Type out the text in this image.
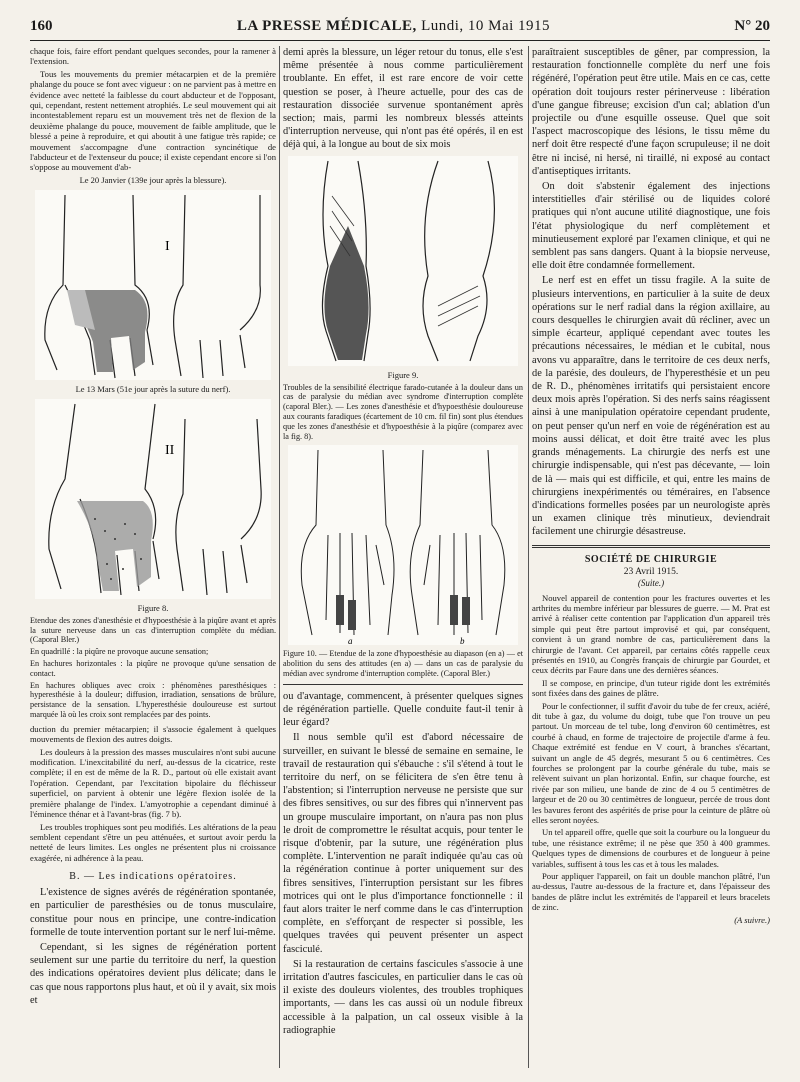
160	LA PRESSE MÉDICALE, Lundi, 10 Mai 1915	N° 20

chaque fois, faire effort pendant quelques secondes, pour la ramener à l'extension.

Tous les mouvements du premier métacarpien et de la première phalange du pouce se font avec vigueur : on ne parvient pas à mettre en évidence avec netteté la faiblesse du court abducteur et de l'opposant, qui, cependant, restent nettement atrophiés. Le seul mouvement qui ait incontestablement reparu est un mouvement très net de flexion de la deuxième phalange du pouce, mouvement de faible amplitude, que le blessé a peine à reproduire, et qui aboutit à une fatigue très rapide; ce mouvement s'accompagne d'une contraction syncinétique de l'abducteur et de l'extenseur du pouce; il existe cependant encore si l'on s'oppose au mouvement d'ab-

Le 20 Janvier (139e jour après la blessure).
I
Le 13 Mars (51e jour après la suture du nerf).
II
Figure 8.

Etendue des zones d'anesthésie et d'hypoesthésie à la piqûre avant et après la suture nerveuse dans un cas d'interruption complète du médian. (Caporal Bler.)

En quadrillé : la piqûre ne provoque aucune sensation;

En hachures horizontales : la piqûre ne provoque qu'une sensation de contact.

En hachures obliques avec croix : phénomènes paresthésiques : hyperesthésie à la douleur; diffusion, irradiation, sensations de brûlure, persistance de la sensation. L'hyperesthésie douloureuse est surtout marquée là où les croix sont remplacées par des points.

duction du premier métacarpien; il s'associe également à quelques mouvements de flexion des autres doigts.

Les douleurs à la pression des masses musculaires n'ont subi aucune modification. L'inexcitabilité du nerf, au-dessus de la cicatrice, reste complète; il en est de même de la R. D., partout où elle existait avant l'opération. Cependant, par l'excitation bipolaire du fléchisseur superficiel, on parvient à obtenir une légère flexion isolée de la première phalange de l'index. L'amyotrophie a cependant diminué à l'éminence thénar et à l'avant-bras (fig. 7 b).

Les troubles trophiques sont peu modifiés. Les altérations de la peau semblent cependant s'être un peu atténuées, et surtout avoir perdu la netteté de leurs limites. Les ongles ne présentent plus ni croissance exagérée, ni adhérence à la peau.

B. — Les indications opératoires.

L'existence de signes avérés de régénération spontanée, en particulier de paresthésies ou de tonus musculaire, constitue pour nous en principe, une contre-indication formelle de toute intervention portant sur le nerf lui-même.

Cependant, si les signes de régénération portent seulement sur une partie du territoire du nerf, la question des indications opératoires devient plus délicate; dans le cas que nous rapportons plus haut, et où il y avait, six mois et

demi après la blessure, un léger retour du tonus, elle s'est même présentée à nous comme particulièrement troublante. En effet, il est rare encore de voir cette question se poser, à l'heure actuelle, pour des cas de restauration dissociée survenue spontanément après section; mais, parmi les nombreux blessés atteints d'interruption nerveuse, qui n'ont pas été opérés, il en est déjà qui, à la longue au bout de six mois

Figure 9.
Troubles de la sensibilité électrique farado-cutanée à la douleur dans un cas de paralysie du médian avec syndrome d'interruption complète (caporal Bler.). — Les zones d'anesthésie et d'hypoesthésie douloureuse aux courants faradiques (écartement de 10 cm. fil fin) sont plus étendues que les zones d'anesthésie et d'hypoesthésie à la piqûre (comparez avec la fig. 8).
a	b
Figure 10. — Etendue de la zone d'hypoesthésie au diapason (en a) — et abolition du sens des attitudes (en a) — dans un cas de paralysie du médian avec syndrome d'interruption complète. (Caporal Bler.)

ou d'avantage, commencent, à présenter quelques signes de régénération partielle. Quelle conduite faut-il tenir à leur égard?

Il nous semble qu'il est d'abord nécessaire de surveiller, en suivant le blessé de semaine en semaine, le travail de restauration qui s'ébauche : s'il s'étend à tout le territoire du nerf, on se félicitera de s'en être tenu à l'abstention; si l'interruption nerveuse ne persiste que sur des fibres sensitives, ou sur des fibres qui n'innervent pas un groupe musculaire important, on n'aura pas non plus le droit de compromettre le résultat acquis, pour tenter le risque d'obtenir, par la suture, une régénération plus complète. L'intervention ne paraît indiquée qu'au cas où la régénération continue à porter uniquement sur des fibres sensitives, l'interruption persistant sur les fibres motrices qui ont le plus d'importance fonctionnelle : il faut alors traiter le nerf comme dans le cas d'interruption complète, en s'efforçant de respecter si possible, les quelques travées qui peuvent présenter un aspect fasciculé.

Si la restauration de certains fascicules s'associe à une irritation d'autres fascicules, en particulier dans le cas où il existe des douleurs violentes, des troubles trophiques importants, — dans les cas aussi où un nodule fibreux accessible à la palpation, un cal osseux visible à la radiographie

paraîtraient susceptibles de gêner, par compression, la restauration fonctionnelle complète du nerf une fois régénéré, l'opération peut être utile. Mais en ce cas, cette opération doit toujours rester périnerveuse : libération d'une gangue fibreuse; excision d'un cal; ablation d'un projectile ou d'une esquille osseuse. Quel que soit l'aspect macroscopique des lésions, le tissu même du nerf doit être respecté d'une façon scrupuleuse; il ne doit être ni incisé, ni hersé, ni tiraillé, ni exposé au contact d'antiseptiques irritants.

On doit s'abstenir également des injections interstitielles d'air stérilisé ou de liquides coloré pratiques qui n'ont aucune utilité diagnostique, une fois l'état physiologique du nerf complètement et minutieusement exploré par l'examen clinique, et qui ne semblent pas sans dangers. Quant à la biopsie nerveuse, elle doit être condamnée formellement.

Le nerf est en effet un tissu fragile. A la suite de plusieurs interventions, en particulier à la suite de deux opérations sur le nerf radial dans la région axillaire, au cours desquelles le chirurgien avait dû récliner, avec un simple écarteur, appliqué cependant avec toutes les précautions nécessaires, le médian et le cubital, nous avons vu apparaître, dans le territoire de ces deux nerfs, de la parésie, des douleurs, de l'hyperesthésie et un peu de R. D., phénomènes irritatifs qui persistaient encore deux mois après l'opération. Si des nerfs sains réagissent ainsi à une manipulation opératoire cependant prudente, on peut penser qu'un nerf en voie de régénération est au moins aussi délicat, et doit être traité avec les plus grands ménagements. La chirurgie des nerfs est une chirurgie indispensable, qui n'est pas décevante, — loin de là — mais qui est difficile, et qui, entre les mains de chirurgiens inexpérimentés ou téméraires, en l'absence d'indications formelles posées par un neurologiste après un examen clinique très minutieux, deviendrait facilement une chirurgie désastreuse.

SOCIÉTÉ DE CHIRURGIE
23 Avril 1915.
(Suite.)

Nouvel appareil de contention pour les fractures ouvertes et les arthrites du membre inférieur par blessures de guerre. — M. Prat est arrivé à réaliser cette contention par l'application d'un appareil très simple qui peut être partout improvisé et qui, par conséquent, convient à un grand nombre de cas, particulièrement dans la chirurgie de l'avant. Cet appareil, par certains côtés rappelle ceux présentés en 1910, au Congrès français de chirurgie par Gourdet, et ceux décrits par Faure dans une des dernières séances.

Il se compose, en principe, d'un tuteur rigide dont les extrémités sont fixées dans des gaines de plâtre.

Pour le confectionner, il suffit d'avoir du tube de fer creux, aciéré, dit tube à gaz, du volume du doigt, tube que l'on trouve un peu partout. Un morceau de tel tube, long d'environ 60 centimètres, est courbé à chaud, en forme de trajectoire de projectile d'arme à feu. Chaque extrémité est fendue en V court, à branches s'écartant, suivant un angle de 45 degrés, mesurant 5 ou 6 centimètres. Ces fourches se prolongent par la courbe générale du tube, mais se relèvent suivant un plan horizontal. Enfin, sur chaque fourche, est rivée par son milieu, une bande de zinc de 4 ou 5 centimètres de largeur et de 20 ou 30 centimètres de longueur, percée de trous dont les bavures feront des aspérités de prise pour la ceinture de plâtre où elles seront noyées.

Un tel appareil offre, quelle que soit la courbure ou la longueur du tube, une résistance extrême; il ne pèse que 350 à 400 grammes. Quelques types de dimensions de courbures et de longueur à peine variables, suffisent à tous les cas et à tous les malades.

Pour appliquer l'appareil, on fait un double manchon plâtré, l'un au-dessus, l'autre au-dessous de la fracture et, dans l'épaisseur des bandes de plâtre inclut les extrémités de l'appareil et leurs bracelets de zinc.

(A suivre.)
